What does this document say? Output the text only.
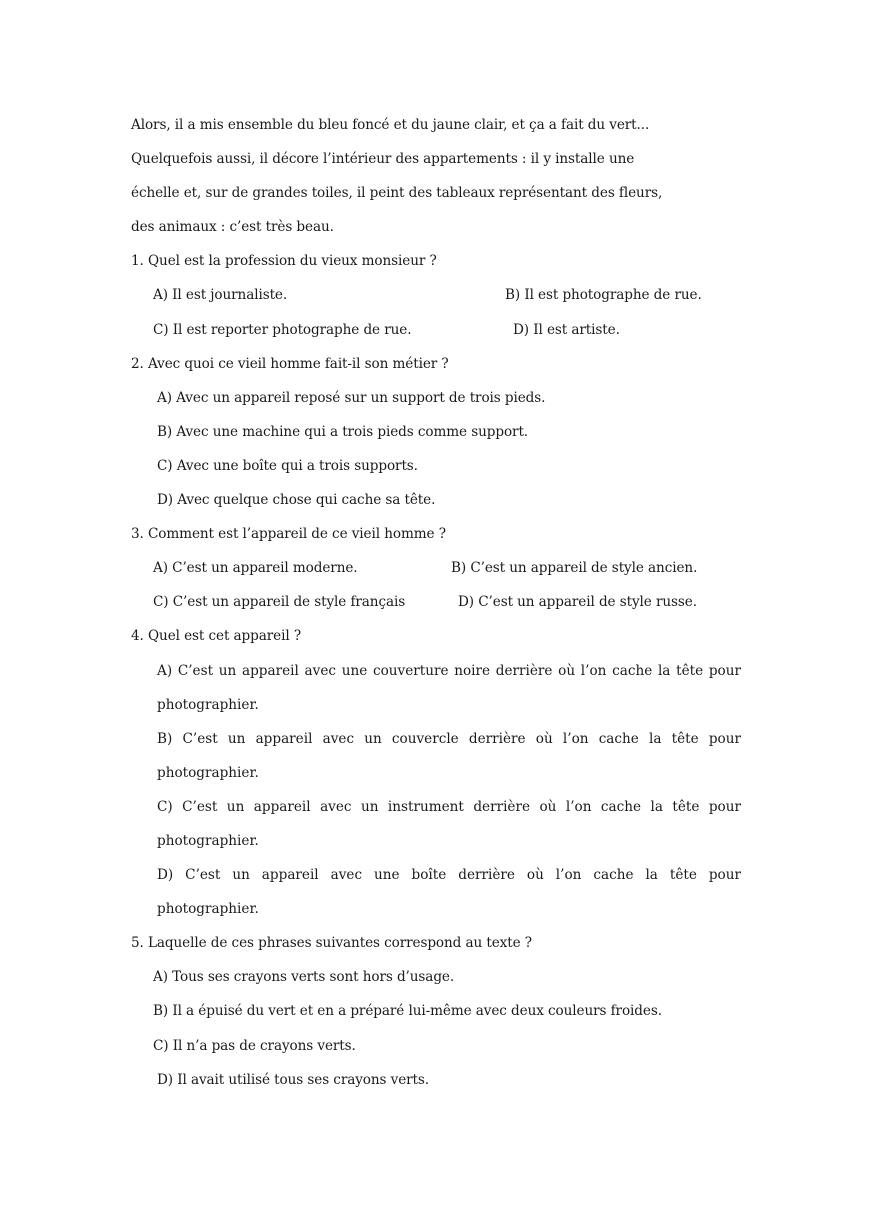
Alors, il a mis ensemble du bleu foncé et du jaune clair, et ça a fait du vert...
Quelquefois aussi, il décore l’intérieur des appartements : il y installe une
échelle et, sur de grandes toiles, il peint des tableaux représentant des fleurs,
des animaux : c’est très beau.
1. Quel est la profession du vieux monsieur ?
A) Il est journaliste.	B) Il est photographe de rue.
C) Il est reporter photographe de rue.	D) Il est artiste.
2. Avec quoi ce vieil homme fait-il son métier ?
A) Avec un appareil reposé sur un support de trois pieds.
B) Avec une machine qui a trois pieds comme support.
C) Avec une boîte qui a trois supports.
D) Avec quelque chose qui cache sa tête.
3. Comment est l’appareil de ce vieil homme ?
A) C’est un appareil moderne.	B) C’est un appareil de style ancien.
C) C’est un appareil de style français	D) C’est un appareil de style russe.
4. Quel est cet appareil ?
A) C’est un appareil avec une couverture noire derrière où l’on cache la tête pour photographier.
B) C’est un appareil avec un couvercle derrière où l’on cache la tête pour photographier.
C) C’est un appareil avec un instrument derrière où l’on cache la tête pour photographier.
D) C’est un appareil avec une boîte derrière où l’on cache la tête pour photographier.
5. Laquelle de ces phrases suivantes correspond au texte ?
A) Tous ses crayons verts sont hors d’usage.
B) Il a épuisé du vert et en a préparé lui-même avec deux couleurs froides.
C) Il n’a pas de crayons verts.
D) Il avait utilisé tous ses crayons verts.
